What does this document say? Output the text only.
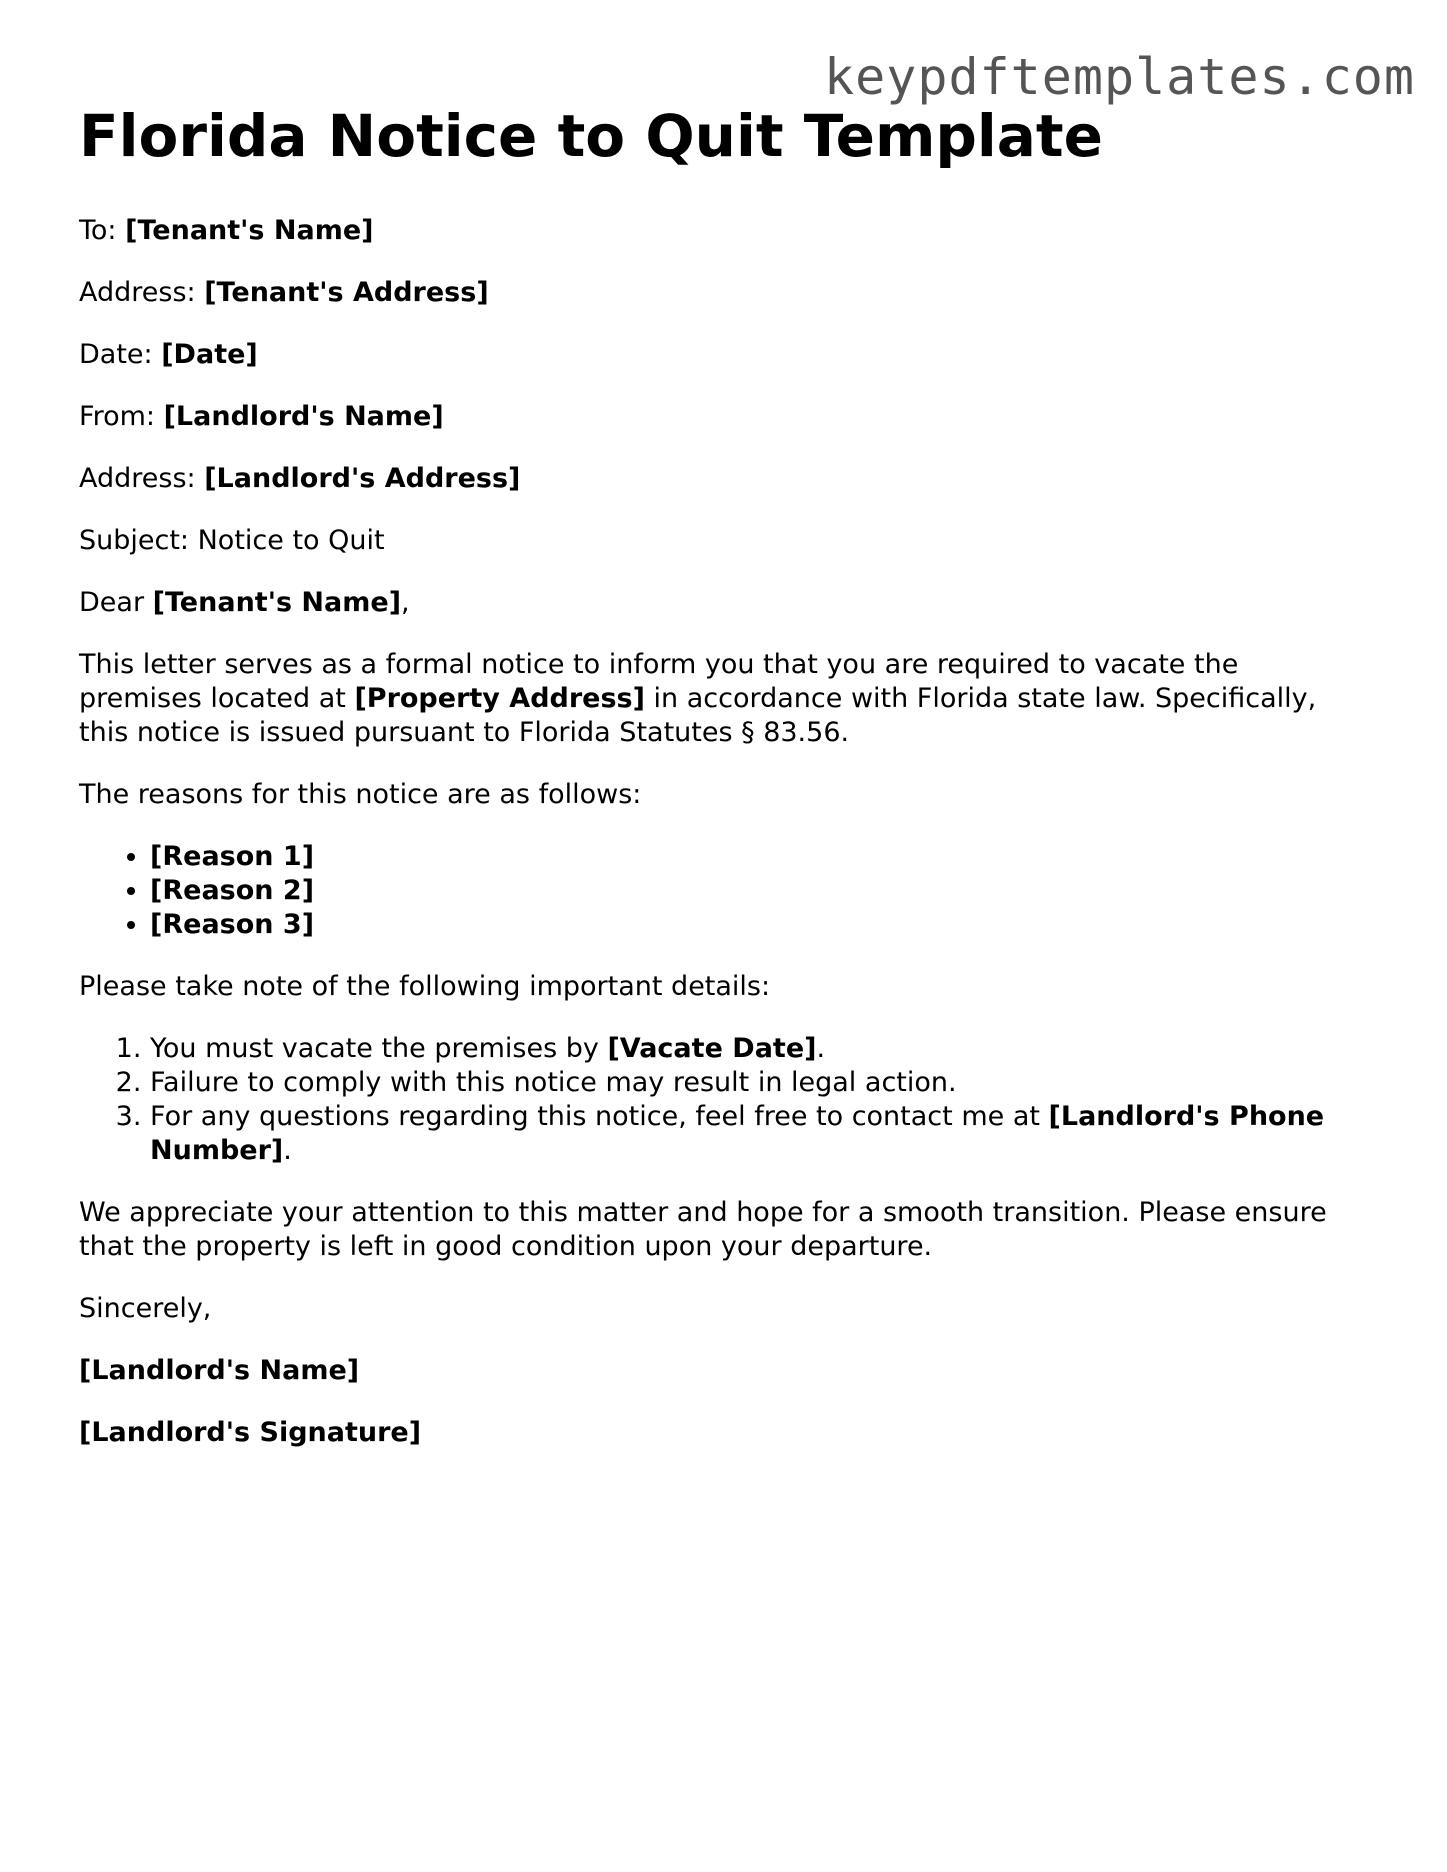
keypdftemplates.com
Florida Notice to Quit Template

To: [Tenant's Name]

Address: [Tenant's Address]

Date: [Date]

From: [Landlord's Name]

Address: [Landlord's Address]

Subject: Notice to Quit

Dear [Tenant's Name],

This letter serves as a formal notice to inform you that you are required to vacate the premises located at [Property Address] in accordance with Florida state law. Specifically, this notice is issued pursuant to Florida Statutes § 83.56.

The reasons for this notice are as follows:

• [Reason 1]
• [Reason 2]
• [Reason 3]

Please take note of the following important details:

1. You must vacate the premises by [Vacate Date].
2. Failure to comply with this notice may result in legal action.
3. For any questions regarding this notice, feel free to contact me at [Landlord's Phone Number].

We appreciate your attention to this matter and hope for a smooth transition. Please ensure that the property is left in good condition upon your departure.

Sincerely,

[Landlord's Name]

[Landlord's Signature]
